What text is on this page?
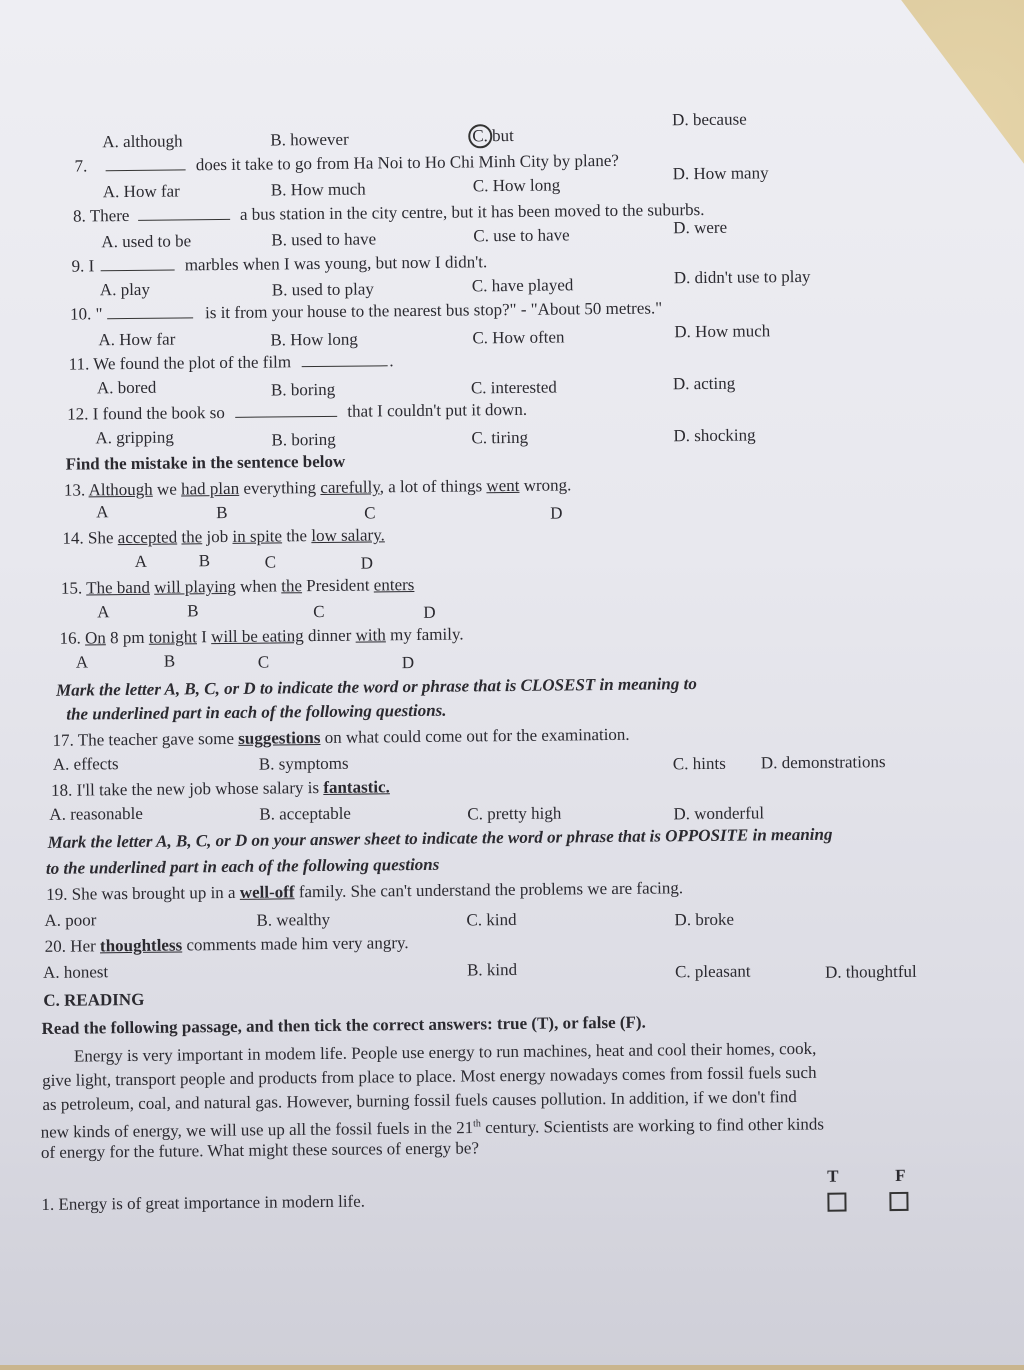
A. although	B. however	C. but
D. because
7.	does it take to go from Ha Noi to Ho Chi Minh City by plane?
A. How far	B. How much	C. How long
D. How many
8. There	a bus station in the city centre, but it has been moved to the suburbs.
A. used to be	B. used to have	C. use to have	D. were
9. I	marbles when I was young, but now I didn't.
A. play	B. used to play	C. have played	D. didn't use to play
10. "	is it from your house to the nearest bus stop?" - "About 50 metres."
A. How far	B. How long	C. How often	D. How much
11. We found the plot of the film	.
A. bored	B. boring	C. interested	D. acting
12. I found the book so	that I couldn't put it down.
A. gripping	B. boring	C. tiring	D. shocking
Find the mistake in the sentence below
13. Although we had plan everything carefully, a lot of things went wrong.
A	B	C	D
14. She accepted the job in spite the low salary.
A	B	C	D
15. The band will playing when the President enters
A	B	C	D
16. On 8 pm tonight I will be eating dinner with my family.
A	B	C	D
Mark the letter A, B, C, or D to indicate the word or phrase that is CLOSEST in meaning to
the underlined part in each of the following questions.
17. The teacher gave some suggestions on what could come out for the examination.
A. effects	B. symptoms	C. hints D. demonstrations
18. I'll take the new job whose salary is fantastic.
A. reasonable	B. acceptable	C. pretty high	D. wonderful
Mark the letter A, B, C, or D on your answer sheet to indicate the word or phrase that is OPPOSITE in meaning
to the underlined part in each of the following questions
19. She was brought up in a well-off family. She can't understand the problems we are facing.
A. poor	B. wealthy	C. kind	D. broke
20. Her thoughtless comments made him very angry.
A. honest	B. kind	C. pleasant	D. thoughtful
C. READING
Read the following passage, and then tick the correct answers: true (T), or false (F).
Energy is very important in modem life. People use energy to run machines, heat and cool their homes, cook,
give light, transport people and products from place to place. Most energy nowadays comes from fossil fuels such
as petroleum, coal, and natural gas. However, burning fossil fuels causes pollution. In addition, if we don't find
new kinds of energy, we will use up all the fossil fuels in the 21th century. Scientists are working to find other kinds
of energy for the future. What might these sources of energy be?
T	F
1. Energy is of great importance in modern life.
